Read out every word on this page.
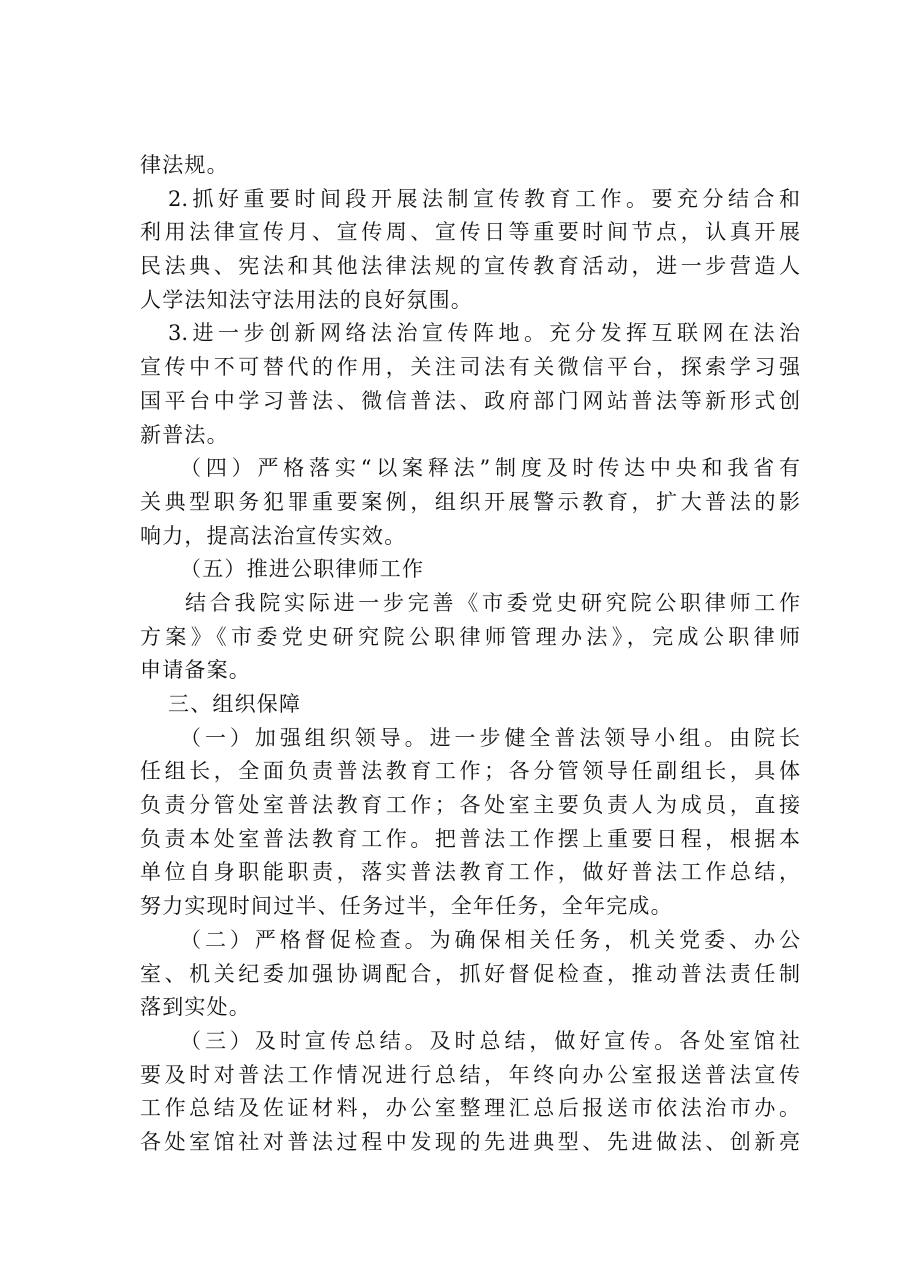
律法规。
2.抓好重要时间段开展法制宣传教育工作。要充分结合和
利用法律宣传月、宣传周、宣传日等重要时间节点，认真开展
民法典、宪法和其他法律法规的宣传教育活动，进一步营造人
人学法知法守法用法的良好氛围。
3.进一步创新网络法治宣传阵地。充分发挥互联网在法治
宣传中不可替代的作用，关注司法有关微信平台，探索学习强
国平台中学习普法、微信普法、政府部门网站普法等新形式创
新普法。
（四）严格落实“以案释法”制度及时传达中央和我省有
关典型职务犯罪重要案例，组织开展警示教育，扩大普法的影
响力，提高法治宣传实效。
（五）推进公职律师工作
结合我院实际进一步完善《市委党史研究院公职律师工作
方案》《市委党史研究院公职律师管理办法》，完成公职律师
申请备案。
三、组织保障
（一）加强组织领导。进一步健全普法领导小组。由院长
任组长，全面负责普法教育工作；各分管领导任副组长，具体
负责分管处室普法教育工作；各处室主要负责人为成员，直接
负责本处室普法教育工作。把普法工作摆上重要日程，根据本
单位自身职能职责，落实普法教育工作，做好普法工作总结，
努力实现时间过半、任务过半，全年任务，全年完成。
（二）严格督促检查。为确保相关任务，机关党委、办公
室、机关纪委加强协调配合，抓好督促检查，推动普法责任制
落到实处。
（三）及时宣传总结。及时总结，做好宣传。各处室馆社
要及时对普法工作情况进行总结，年终向办公室报送普法宣传
工作总结及佐证材料，办公室整理汇总后报送市依法治市办。
各处室馆社对普法过程中发现的先进典型、先进做法、创新亮
